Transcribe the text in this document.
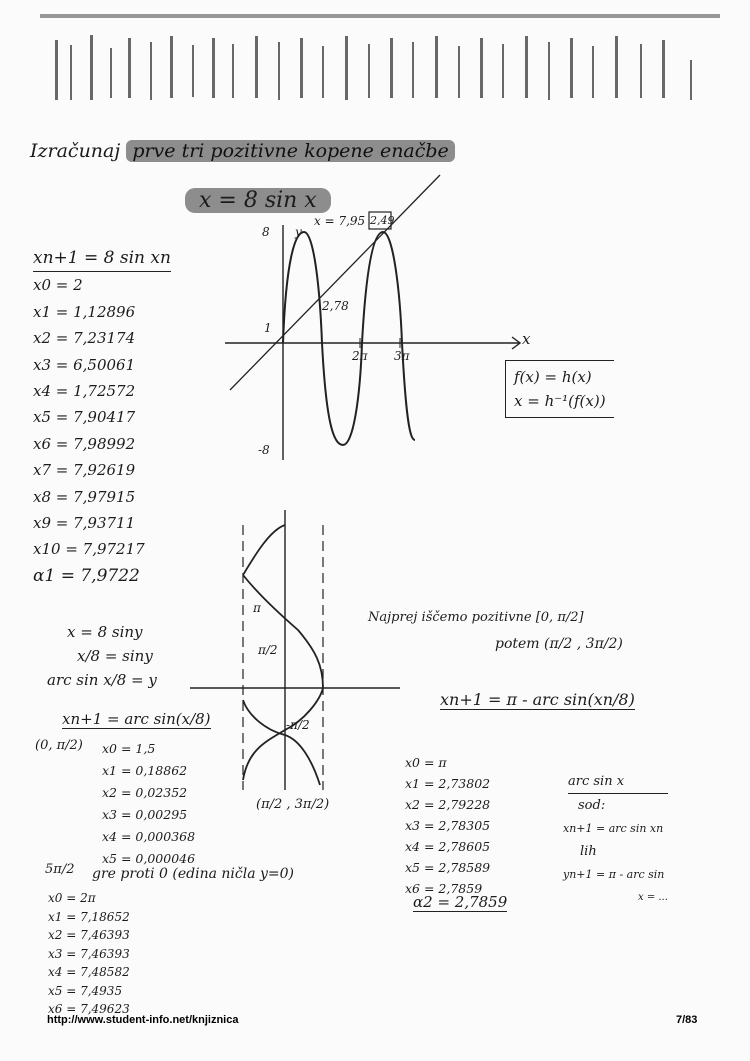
Izračunaj prve tri pozitivne kopene enačbe
x = 8 sin x
xn+1 = 8 sin xn
x0 = 2
x1 = 1,12896
x2 = 7,23174
x3 = 6,50061
x4 = 1,72572
x5 = 7,90417
x6 = 7,98992
x7 = 7,92619
x8 = 7,97915
x9 = 7,93711
x10 = 7,97217
α1 = 7,9722
8 y
1
-8
x
2π 3π
x = 7,95 2,49
2,78
f(x) = h(x)
x = h⁻¹(f(x))
x = 8 siny
x/8 = siny
arc sin x/8 = y
xn+1 = arc sin(x/8)
(0, π/2) x0 = 1,5
x1 = 0,18862
x2 = 0,02352
x3 = 0,00295
x4 = 0,000368
x5 = 0,000046
π
π/2
-π/2
(π/2 , 3π/2)
Najprej iščemo pozitivne [0, π/2]
potem (π/2 , 3π/2)
xn+1 = π - arc sin(xn/8)
x0 = π
x1 = 2,73802
x2 = 2,79228
x3 = 2,78305
x4 = 2,78605
x5 = 2,78589
x6 = 2,7859
α2 = 2,7859
arc sin x
sod:
xn+1 = arc sin xn
lih
yn+1 = π - arc sin
x = ...
5π/2 gre proti 0 (edina ničla y=0)
x0 = 2π
x1 = 7,18652
x2 = 7,46393
x3 = 7,46393
x4 = 7,48582
x5 = 7,4935
x6 = 7,49623
http://www.student-info.net/knjiznica	7/83
